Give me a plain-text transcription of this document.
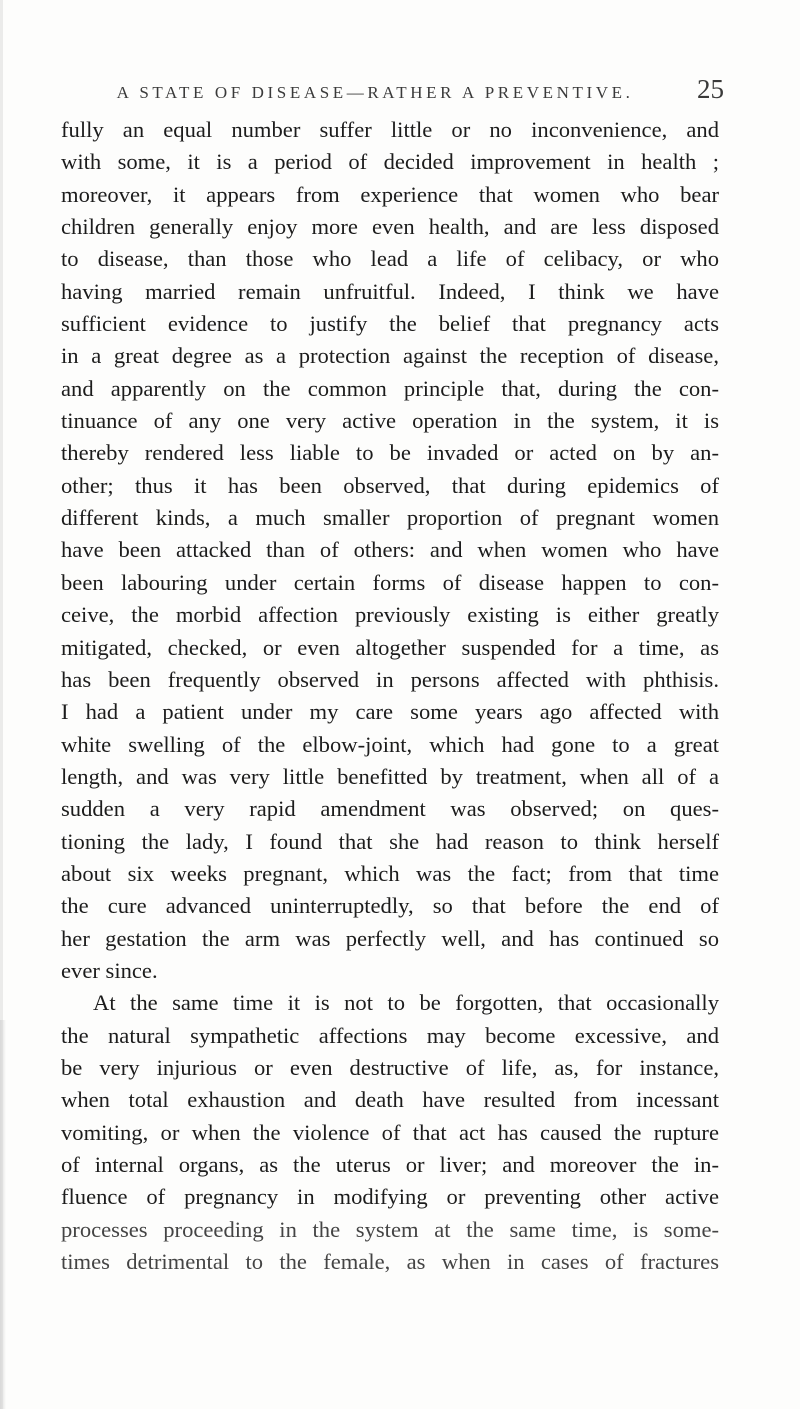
A STATE OF DISEASE—RATHER A PREVENTIVE.	25
fully an equal number suffer little or no inconvenience, and
with some, it is a period of decided improvement in health ;
moreover, it appears from experience that women who bear
children generally enjoy more even health, and are less disposed
to disease, than those who lead a life of celibacy, or who
having married remain unfruitful. Indeed, I think we have
sufficient evidence to justify the belief that pregnancy acts
in a great degree as a protection against the reception of disease,
and apparently on the common principle that, during the con-
tinuance of any one very active operation in the system, it is
thereby rendered less liable to be invaded or acted on by an-
other; thus it has been observed, that during epidemics of
different kinds, a much smaller proportion of pregnant women
have been attacked than of others: and when women who have
been labouring under certain forms of disease happen to con-
ceive, the morbid affection previously existing is either greatly
mitigated, checked, or even altogether suspended for a time, as
has been frequently observed in persons affected with phthisis.
I had a patient under my care some years ago affected with
white swelling of the elbow-joint, which had gone to a great
length, and was very little benefitted by treatment, when all of a
sudden a very rapid amendment was observed; on ques-
tioning the lady, I found that she had reason to think herself
about six weeks pregnant, which was the fact; from that time
the cure advanced uninterruptedly, so that before the end of
her gestation the arm was perfectly well, and has continued so
ever since.
At the same time it is not to be forgotten, that occasionally
the natural sympathetic affections may become excessive, and
be very injurious or even destructive of life, as, for instance,
when total exhaustion and death have resulted from incessant
vomiting, or when the violence of that act has caused the rupture
of internal organs, as the uterus or liver; and moreover the in-
fluence of pregnancy in modifying or preventing other active
processes proceeding in the system at the same time, is some-
times detrimental to the female, as when in cases of fractures
